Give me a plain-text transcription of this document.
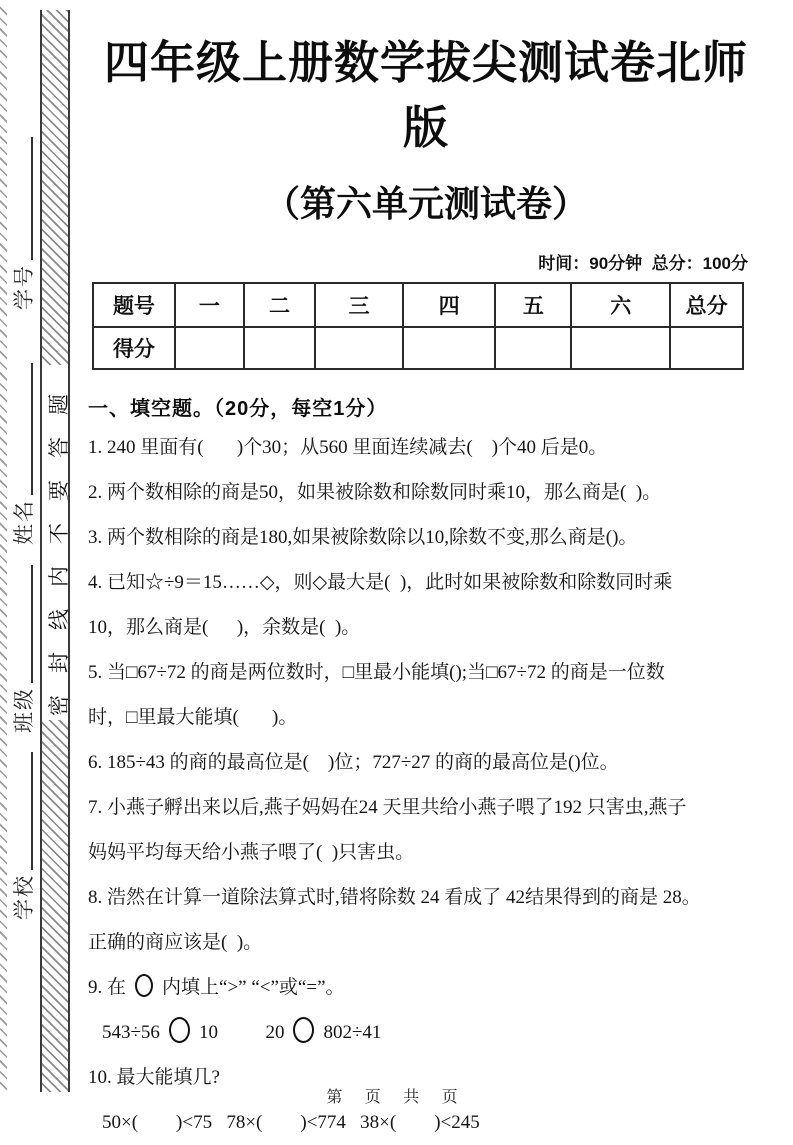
学号
姓名
班级
学校
密封线内不要答题
四年级上册数学拔尖测试卷北师版
（第六单元测试卷）
时间：90分钟  总分：100分
题号	一	二	三	四	五	六	总分
得分							
一、填空题。（20分，每空1分）
1. 240 里面有(       )个30；从560 里面连续减去(    )个40 后是0。
2. 两个数相除的商是50，如果被除数和除数同时乘10，那么商是(  )。
3. 两个数相除的商是180,如果被除数除以10,除数不变,那么商是()。
4. 已知☆÷9＝15……◇，则◇最大是(  )，此时如果被除数和除数同时乘
10，那么商是(      )，余数是(  )。
5. 当□67÷72 的商是两位数时，□里最小能填();当□67÷72 的商是一位数
时，□里最大能填(       )。
6. 185÷43 的商的最高位是(    )位；727÷27 的商的最高位是()位。
7. 小燕子孵出来以后,燕子妈妈在24 天里共给小燕子喂了192 只害虫,燕子
妈妈平均每天给小燕子喂了(  )只害虫。
8. 浩然在计算一道除法算式时,错将除数 24 看成了 42结果得到的商是 28。
正确的商应该是(  )。
9. 在 内填上“>” “<”或“=”。
543÷56 10          20 802÷41
10. 最大能填几?
50×(        )<75   78×(        )<774   38×(        )<245
第 页 共 页
